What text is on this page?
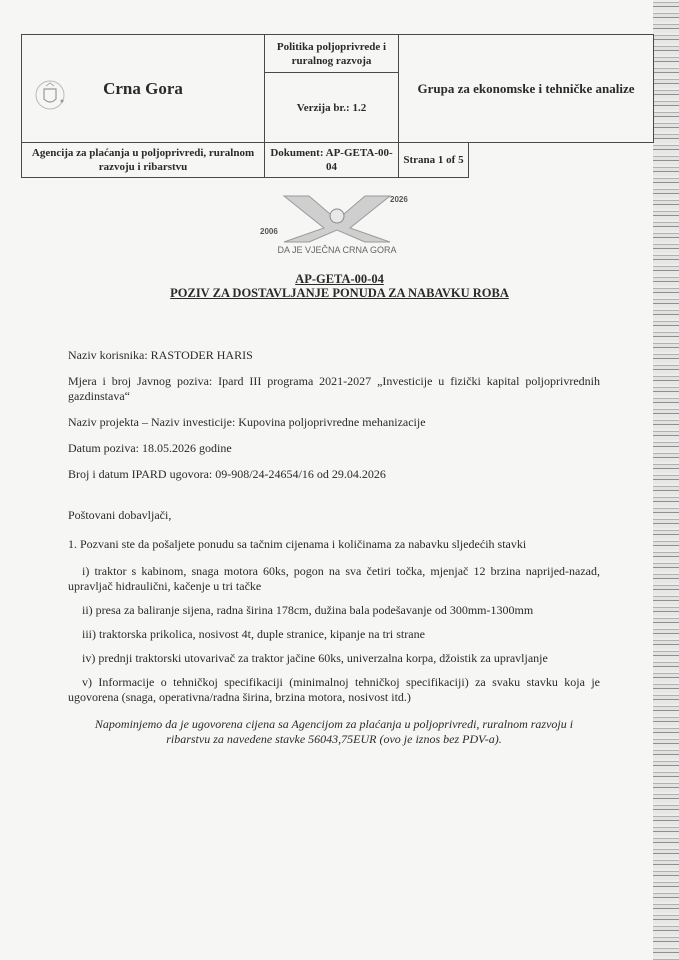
Crna Gora	Politika poljoprivrede i ruralnog razvoja	Grupa za ekonomske i tehničke analize
	Verzija br.: 1.2	
Agencija za plaćanja u poljoprivredi, ruralnom razvoju i ribarstvu	Dokument: AP-GETA-00-04	Strana 1 of 5
2006
2026
DA JE VJEČNA CRNA GORA
AP-GETA-00-04
POZIV ZA DOSTAVLJANJE PONUDA ZA NABAVKU ROBA

Naziv korisnika: RASTODER HARIS

Mjera i broj Javnog poziva: Ipard III programa 2021-2027 „Investicije u fizički kapital poljoprivrednih gazdinstava“

Naziv projekta – Naziv investicije: Kupovina poljoprivredne mehanizacije

Datum poziva: 18.05.2026 godine

Broj i datum IPARD ugovora: 09-908/24-24654/16 od 29.04.2026

Poštovani dobavljači,

1. Pozvani ste da pošaljete ponudu sa tačnim cijenama i količinama za nabavku sljedećih stavki

i) traktor s kabinom, snaga motora 60ks, pogon na sva četiri točka, mjenjač 12 brzina naprijed-nazad, upravljač hidraulični, kačenje u tri tačke

ii) presa za baliranje sijena, radna širina 178cm, dužina bala podešavanje od 300mm-1300mm

iii) traktorska prikolica, nosivost 4t, duple stranice, kipanje na tri strane

iv) prednji traktorski utovarivač za traktor jačine 60ks, univerzalna korpa, džoistik za upravljanje

v) Informacije o tehničkoj specifikaciji (minimalnoj tehničkoj specifikaciji) za svaku stavku koja je ugovorena (snaga, operativna/radna širina, brzina motora, nosivost itd.)

Napominjemo da je ugovorena cijena sa Agencijom za plaćanja u poljoprivredi, ruralnom razvoju i ribarstvu za navedene stavke 56043,75EUR (ovo je iznos bez PDV-a).
